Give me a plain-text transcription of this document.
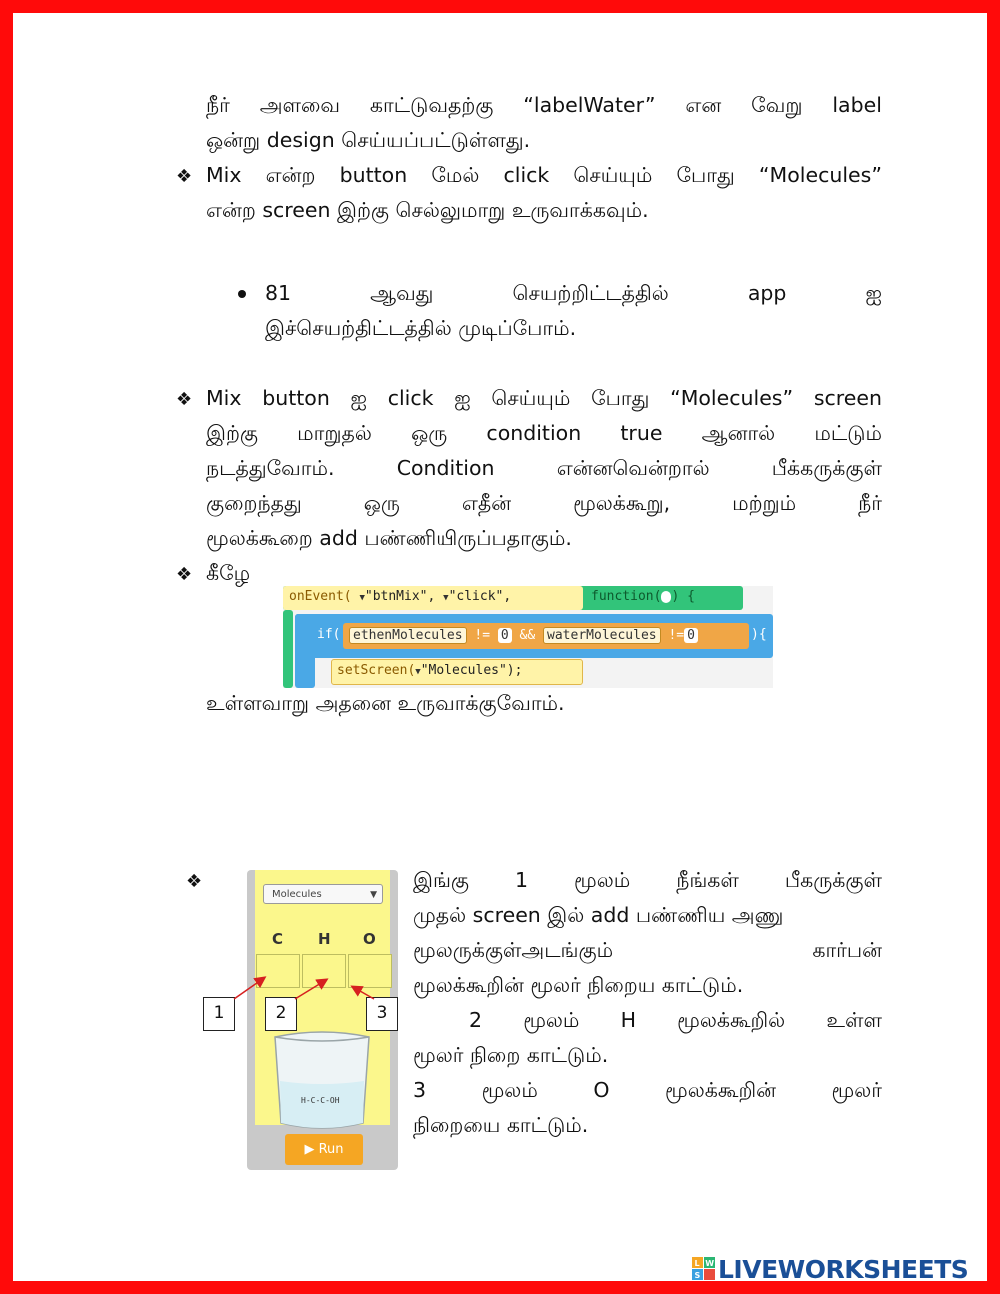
நீர் அளவை காட்டுவதற்கு “labelWater” என வேறு label
ஒன்று design செய்யப்பட்டுள்ளது.
❖ Mix என்ற button மேல் click செய்யும் போது “Molecules”
என்ற screen இற்கு செல்லுமாறு உருவாக்கவும்.
81	ஆவது	செயற்றிட்டத்தில்	app	ஐ
இச்செயற்திட்டத்தில் முடிப்போம்.
❖ Mix button ஐ click ஐ செய்யும் போது “Molecules” screen
இற்கு மாறுதல் ஒரு condition true ஆனால் மட்டும்
நடத்துவோம்.	Condition	என்னவென்றால்	பீக்கருக்குள்
குறைந்தது	ஒரு	எதீன்	மூலக்கூறு,	மற்றும்	நீர்
மூலக்கூறை add பண்ணியிருப்பதாகும்.
❖ கீழே
onEvent( ▼"btnMix", ▼"click",	function( ) {
if( ethenMolecules != 0 && waterMolecules != 0	){
setScreen(▼"Molecules");
உள்ளவாறு அதனை உருவாக்குவோம்.
❖
Molecules	▼
C H O
H-C-C-OH
▶ Run
1	2	3
இங்கு 1 மூலம் நீங்கள் பீகருக்குள்
முதல் screen இல் add பண்ணிய அணு
மூலருக்குள்அடங்கும்	கார்பன்
மூலக்கூறின் மூலர் நிறைய காட்டும்.
2 மூலம் H மூலக்கூறில் உள்ள
மூலர் நிறை காட்டும்.
3	மூலம்	O	மூலக்கூறின்	மூலர்
நிறையை காட்டும்.
L W
S LIVEWORKSHEETS
